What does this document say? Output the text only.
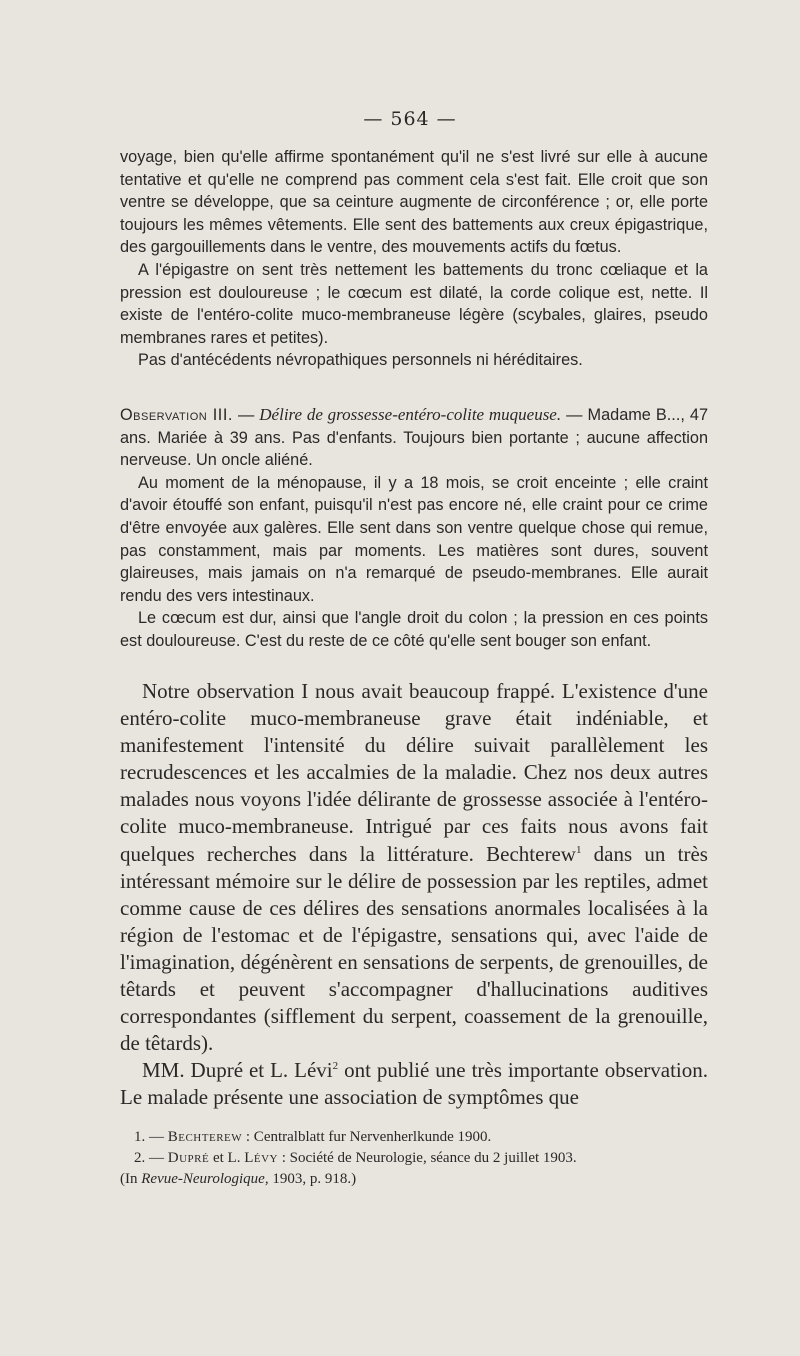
— 564 —

voyage, bien qu'elle affirme spontanément qu'il ne s'est livré sur elle à aucune tentative et qu'elle ne comprend pas comment cela s'est fait. Elle croit que son ventre se développe, que sa ceinture augmente de circonférence ; or, elle porte toujours les mêmes vêtements. Elle sent des battements aux creux épigastrique, des gargouillements dans le ventre, des mouvements actifs du fœtus.

A l'épigastre on sent très nettement les battements du tronc cœliaque et la pression est douloureuse ; le cœcum est dilaté, la corde colique est, nette. Il existe de l'entéro-colite muco-membraneuse légère (scybales, glaires, pseudo membranes rares et petites).

Pas d'antécédents névropathiques personnels ni héréditaires.

Observation III. — Délire de grossesse-entéro-colite muqueuse. — Madame B..., 47 ans. Mariée à 39 ans. Pas d'enfants. Toujours bien portante ; aucune affection nerveuse. Un oncle aliéné.

Au moment de la ménopause, il y a 18 mois, se croit enceinte ; elle craint d'avoir étouffé son enfant, puisqu'il n'est pas encore né, elle craint pour ce crime d'être envoyée aux galères. Elle sent dans son ventre quelque chose qui remue, pas constamment, mais par moments. Les matières sont dures, souvent glaireuses, mais jamais on n'a remarqué de pseudo-membranes. Elle aurait rendu des vers intestinaux.

Le cœcum est dur, ainsi que l'angle droit du colon ; la pression en ces points est douloureuse. C'est du reste de ce côté qu'elle sent bouger son enfant.

Notre observation I nous avait beaucoup frappé. L'existence d'une entéro-colite muco-membraneuse grave était indéniable, et manifestement l'intensité du délire suivait parallèlement les recrudescences et les accalmies de la maladie. Chez nos deux autres malades nous voyons l'idée délirante de grossesse associée à l'entéro-colite muco-membraneuse. Intrigué par ces faits nous avons fait quelques recherches dans la littérature. Bechterew$^1$ dans un très intéressant mémoire sur le délire de possession par les reptiles, admet comme cause de ces délires des sensations anormales localisées à la région de l'estomac et de l'épigastre, sensations qui, avec l'aide de l'imagination, dégénèrent en sensations de serpents, de grenouilles, de têtards et peuvent s'accompagner d'hallucinations auditives correspondantes (sifflement du serpent, coassement de la grenouille, de têtards).

MM. Dupré et L. Lévi$^2$ ont publié une très importante observation. Le malade présente une association de symptômes que

1. — Bechterew : Centralblatt fur Nervenherlkunde 1900.

2. — Dupré et L. Lévy : Société de Neurologie, séance du 2 juillet 1903.

(In Revue-Neurologique, 1903, p. 918.)
